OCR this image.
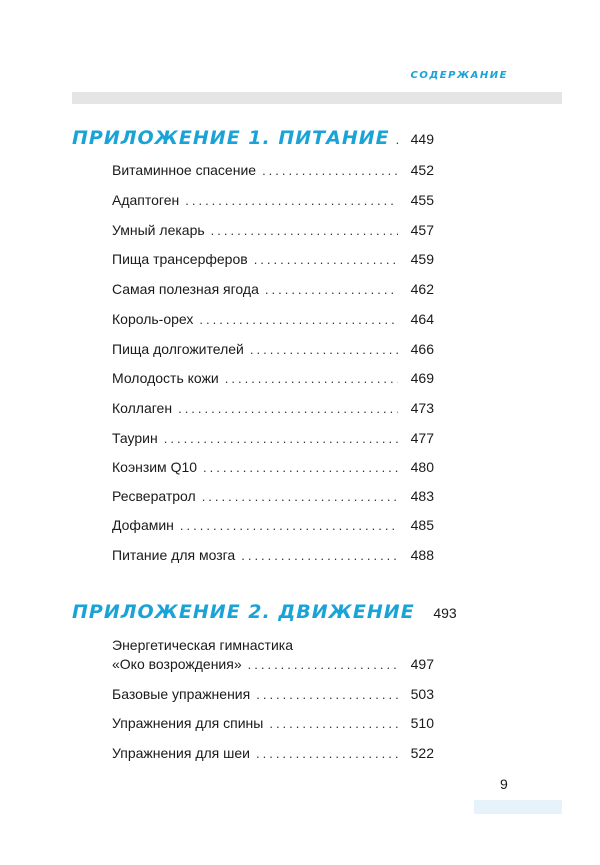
СОДЕРЖАНИЕ
ПРИЛОЖЕНИЕ 1. ПИТАНИЕ .....	449
Витаминное спасение .....	452
Адаптоген .....	455
Умный лекарь .....	457
Пища трансерферов .....	459
Самая полезная ягода .....	462
Король-орех .....	464
Пища долгожителей .....	466
Молодость кожи .....	469
Коллаген .....	473
Таурин .....	477
Коэнзим Q10 .....	480
Ресвератрол .....	483
Дофамин .....	485
Питание для мозга .....	488
ПРИЛОЖЕНИЕ 2. ДВИЖЕНИЕ	493
Энергетическая гимнастика
«Око возрождения» .....	497
Базовые упражнения .....	503
Упражнения для спины .....	510
Упражнения для шеи .....	522
9
